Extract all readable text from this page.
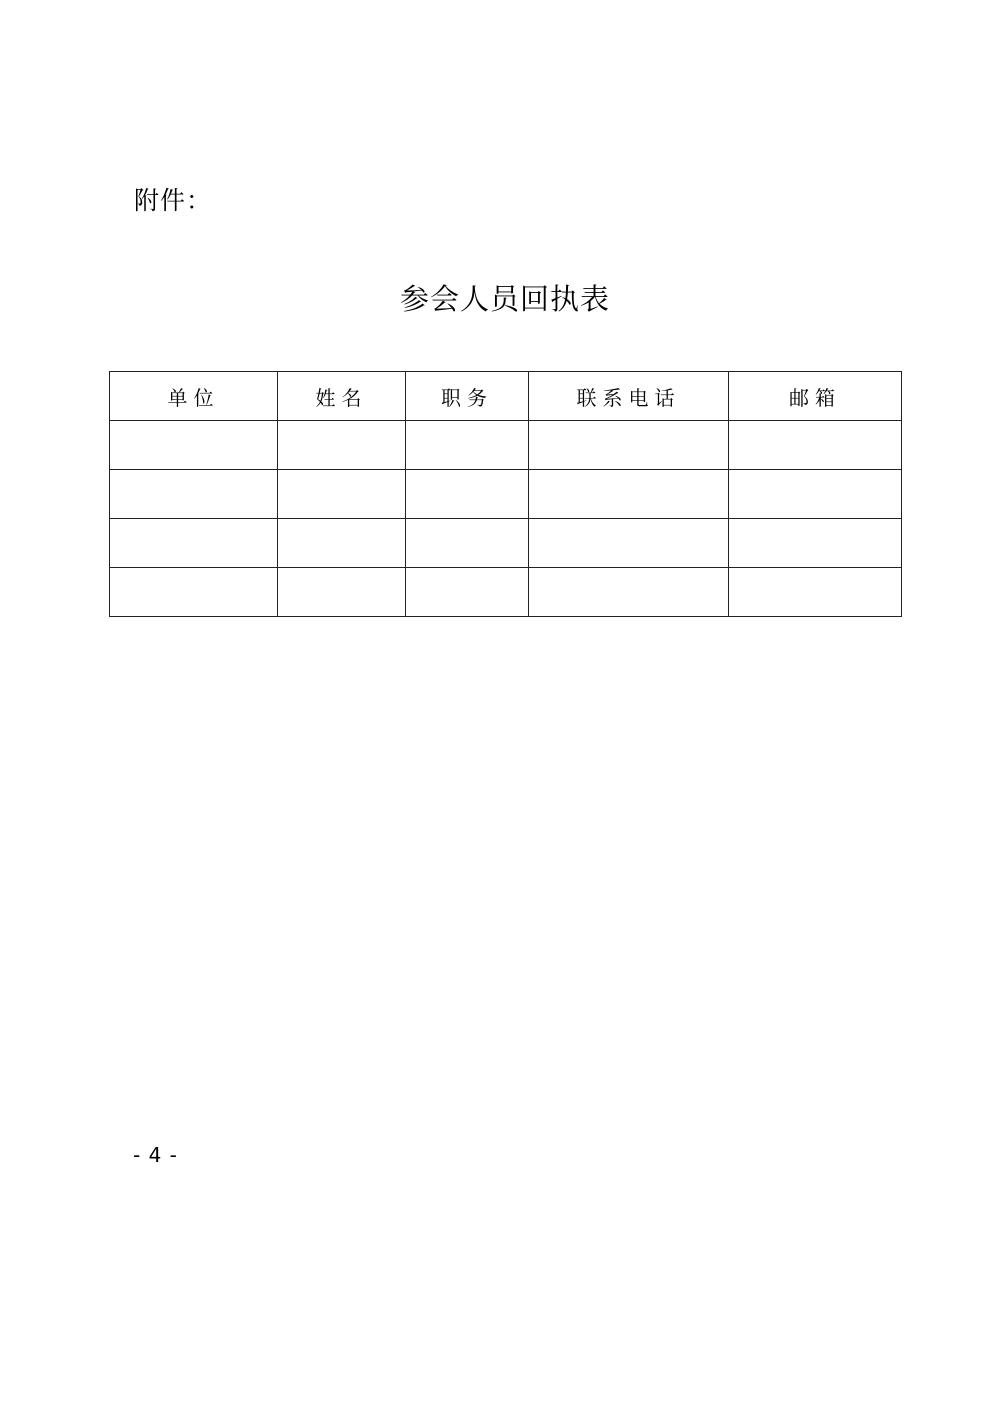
附件：
参会人员回执表
单位	姓名	职务	联系电话	邮箱

- 4 -
